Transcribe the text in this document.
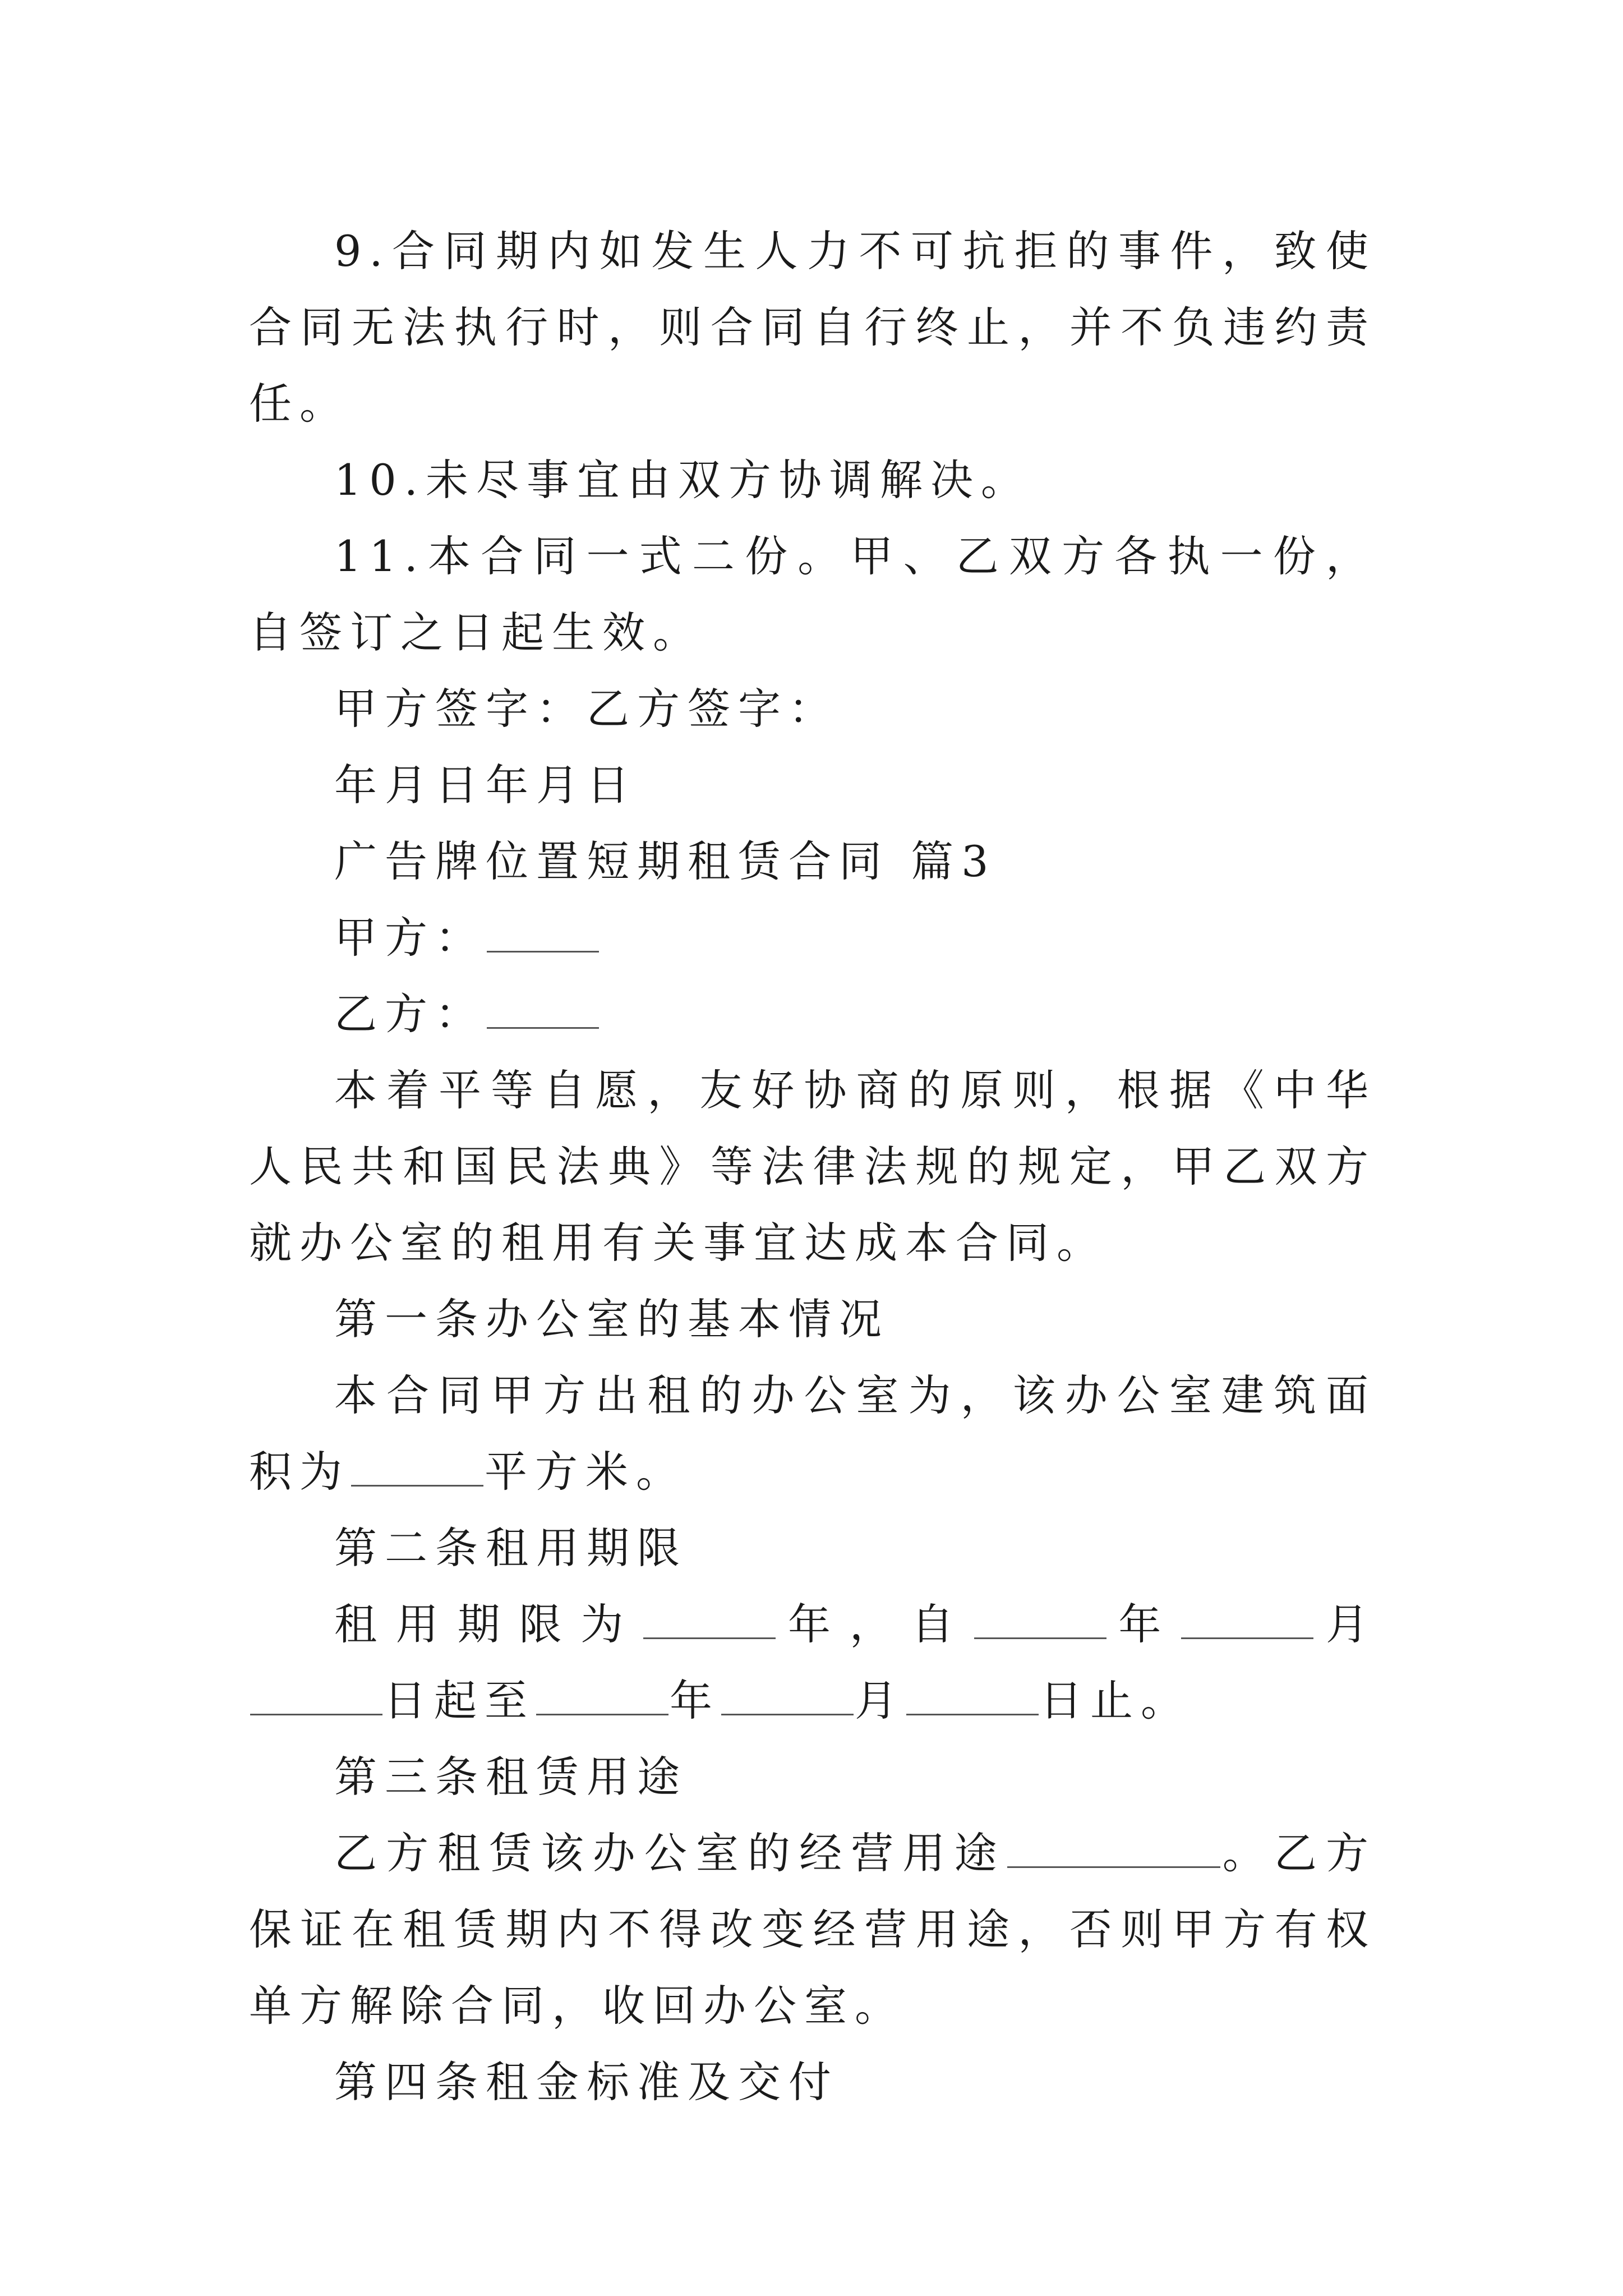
9.合同期内如发生人力不可抗拒的事件，致使合同无法执行时，则合同自行终止，并不负违约责任。

10.未尽事宜由双方协调解决。

11.本合同一式二份。甲、乙双方各执一份，自签订之日起生效。

甲方签字：乙方签字：

年月日年月日

广告牌位置短期租赁合同 篇3

甲方：

乙方：

本着平等自愿，友好协商的原则，根据《中华人民共和国民法典》等法律法规的规定，甲乙双方就办公室的租用有关事宜达成本合同。

第一条办公室的基本情况

本合同甲方出租的办公室为，该办公室建筑面积为	平方米。

第二条租用期限

租用期限为	年，自	年	月日起至	年	月	日止。

第三条租赁用途

乙方租赁该办公室的经营用途	。乙方保证在租赁期内不得改变经营用途，否则甲方有权单方解除合同，收回办公室。

第四条租金标准及交付
